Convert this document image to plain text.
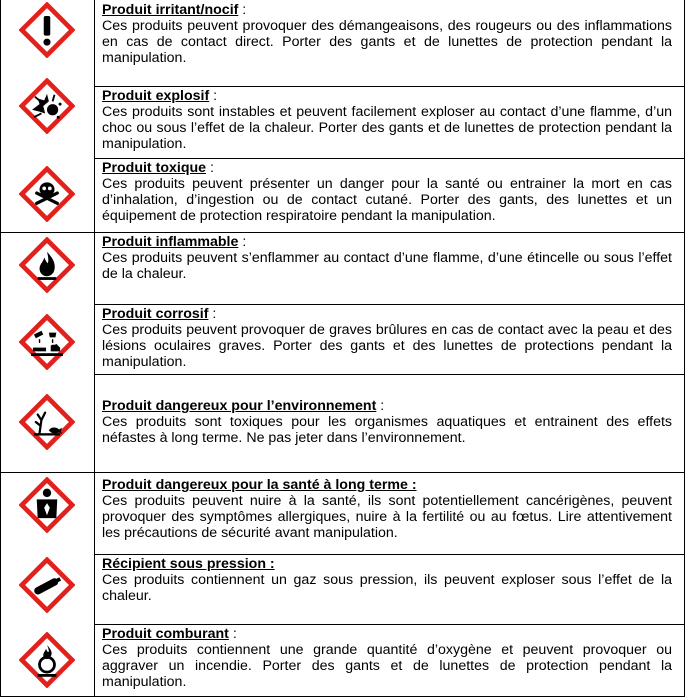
Produit irritant/nocif :

Ces produits peuvent provoquer des démangeaisons, des rougeurs ou des inflammations en cas de contact direct. Porter des gants et de lunettes de protection pendant la manipulation.

Produit explosif :

Ces produits sont instables et peuvent facilement exploser au contact d’une flamme, d’un choc ou sous l’effet de la chaleur. Porter des gants et de lunettes de protection pendant la manipulation.

Produit toxique :

Ces produits peuvent présenter un danger pour la santé ou entrainer la mort en cas d’inhalation, d’ingestion ou de contact cutané. Porter des gants, des lunettes et un équipement de protection respiratoire pendant la manipulation.

Produit inflammable :

Ces produits peuvent s’enflammer au contact d’une flamme, d’une étincelle ou sous l’effet de la chaleur.

Produit corrosif :

Ces produits peuvent provoquer de graves brûlures en cas de contact avec la peau et des lésions oculaires graves. Porter des gants et des lunettes de protections pendant la manipulation.

Produit dangereux pour l’environnement :

Ces produits sont toxiques pour les organismes aquatiques et entrainent des effets néfastes à long terme. Ne pas jeter dans l’environnement.

Produit dangereux pour la santé à long terme :

Ces produits peuvent nuire à la santé, ils sont potentiellement cancérigènes, peuvent provoquer des symptômes allergiques, nuire à la fertilité ou au fœtus. Lire attentivement les précautions de sécurité avant manipulation.

Récipient sous pression :

Ces produits contiennent un gaz sous pression, ils peuvent exploser sous l’effet de la chaleur.

Produit comburant :

Ces produits contiennent une grande quantité d’oxygène et peuvent provoquer ou aggraver un incendie. Porter des gants et de lunettes de protection pendant la manipulation.
